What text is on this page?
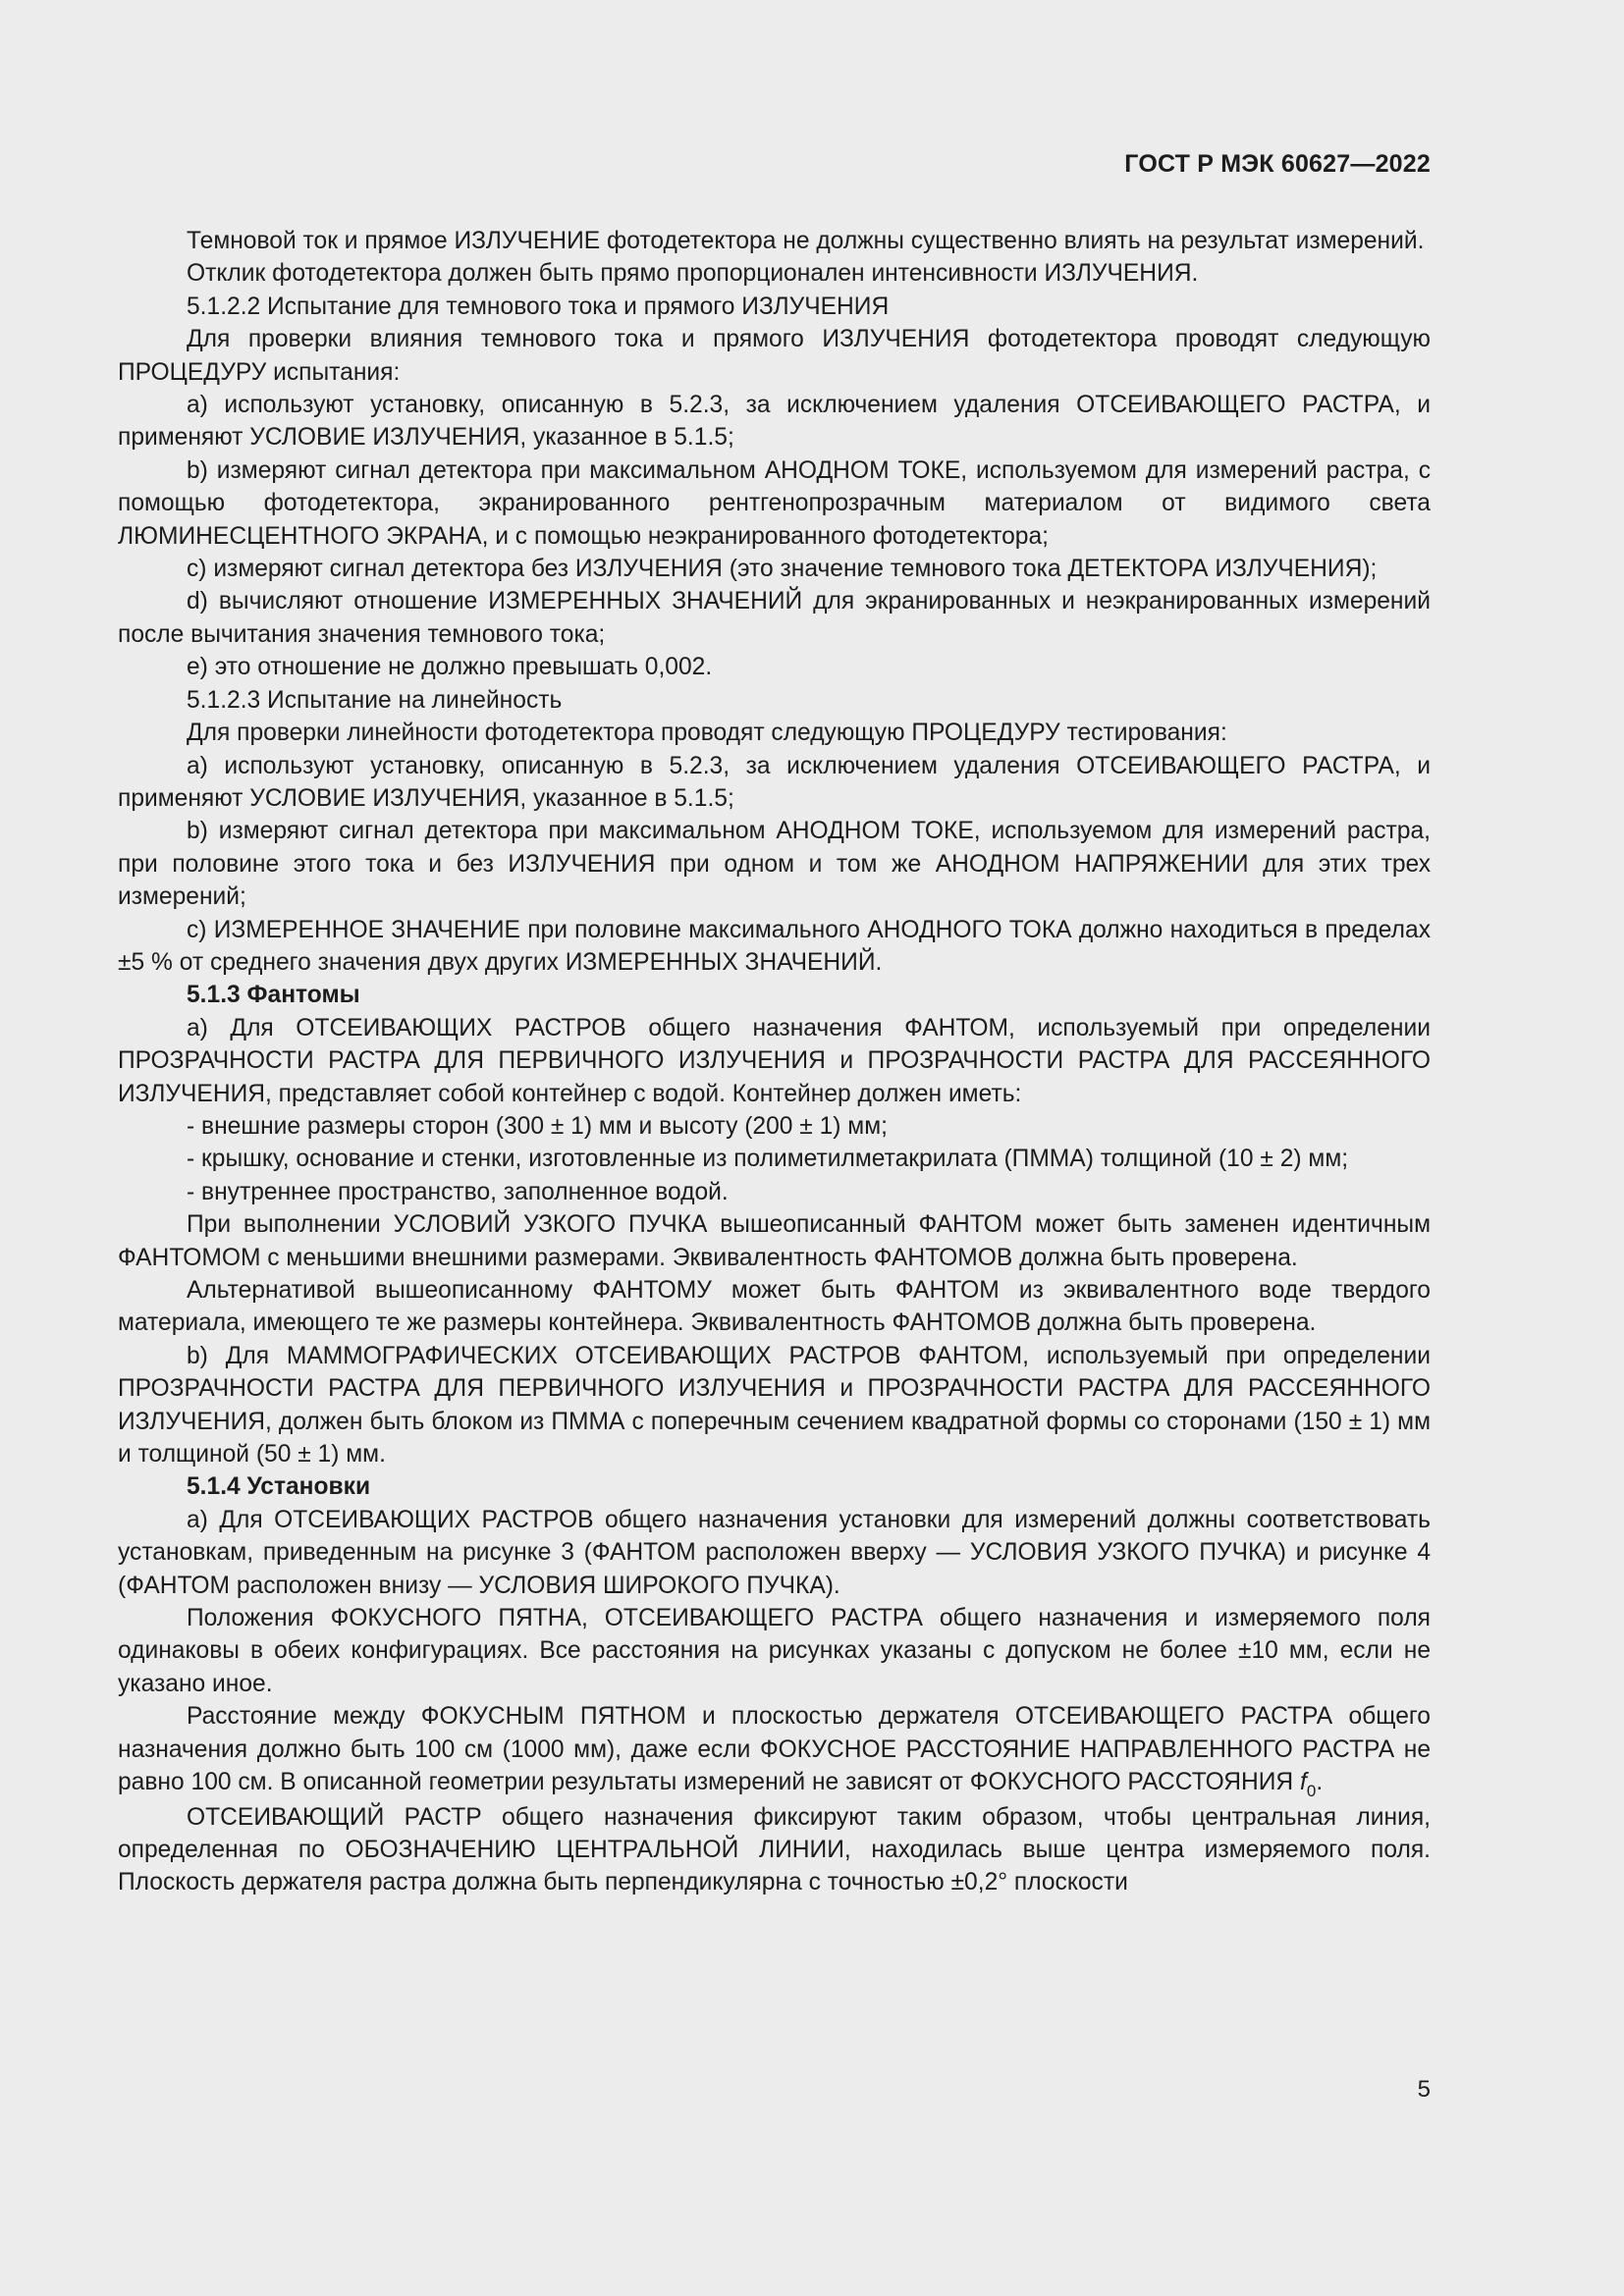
ГОСТ Р МЭК 60627—2022

Темновой ток и прямое ИЗЛУЧЕНИЕ фотодетектора не должны существенно влиять на результат измерений.

Отклик фотодетектора должен быть прямо пропорционален интенсивности ИЗЛУЧЕНИЯ.

5.1.2.2 Испытание для темнового тока и прямого ИЗЛУЧЕНИЯ

Для проверки влияния темнового тока и прямого ИЗЛУЧЕНИЯ фотодетектора проводят следующую ПРОЦЕДУРУ испытания:

a) используют установку, описанную в 5.2.3, за исключением удаления ОТСЕИВАЮЩЕГО РАСТРА, и применяют УСЛОВИЕ ИЗЛУЧЕНИЯ, указанное в 5.1.5;

b) измеряют сигнал детектора при максимальном АНОДНОМ ТОКЕ, используемом для измерений растра, с помощью фотодетектора, экранированного рентгенопрозрачным материалом от видимого света ЛЮМИНЕСЦЕНТНОГО ЭКРАНА, и с помощью неэкранированного фотодетектора;

c) измеряют сигнал детектора без ИЗЛУЧЕНИЯ (это значение темнового тока ДЕТЕКТОРА ИЗЛУЧЕНИЯ);

d) вычисляют отношение ИЗМЕРЕННЫХ ЗНАЧЕНИЙ для экранированных и неэкранированных измерений после вычитания значения темнового тока;

e) это отношение не должно превышать 0,002.

5.1.2.3 Испытание на линейность

Для проверки линейности фотодетектора проводят следующую ПРОЦЕДУРУ тестирования:

a) используют установку, описанную в 5.2.3, за исключением удаления ОТСЕИВАЮЩЕГО РАСТРА, и применяют УСЛОВИЕ ИЗЛУЧЕНИЯ, указанное в 5.1.5;

b) измеряют сигнал детектора при максимальном АНОДНОМ ТОКЕ, используемом для измерений растра, при половине этого тока и без ИЗЛУЧЕНИЯ при одном и том же АНОДНОМ НАПРЯЖЕНИИ для этих трех измерений;

c) ИЗМЕРЕННОЕ ЗНАЧЕНИЕ при половине максимального АНОДНОГО ТОКА должно находиться в пределах ±5 % от среднего значения двух других ИЗМЕРЕННЫХ ЗНАЧЕНИЙ.

5.1.3 Фантомы

a) Для ОТСЕИВАЮЩИХ РАСТРОВ общего назначения ФАНТОМ, используемый при определении ПРОЗРАЧНОСТИ РАСТРА ДЛЯ ПЕРВИЧНОГО ИЗЛУЧЕНИЯ и ПРОЗРАЧНОСТИ РАСТРА ДЛЯ РАССЕЯННОГО ИЗЛУЧЕНИЯ, представляет собой контейнер с водой. Контейнер должен иметь:

- внешние размеры сторон (300 ± 1) мм и высоту (200 ± 1) мм;

- крышку, основание и стенки, изготовленные из полиметилметакрилата (ПММА) толщиной (10 ± 2) мм;

- внутреннее пространство, заполненное водой.

При выполнении УСЛОВИЙ УЗКОГО ПУЧКА вышеописанный ФАНТОМ может быть заменен идентичным ФАНТОМОМ с меньшими внешними размерами. Эквивалентность ФАНТОМОВ должна быть проверена.

Альтернативой вышеописанному ФАНТОМУ может быть ФАНТОМ из эквивалентного воде твердого материала, имеющего те же размеры контейнера. Эквивалентность ФАНТОМОВ должна быть проверена.

b) Для МАММОГРАФИЧЕСКИХ ОТСЕИВАЮЩИХ РАСТРОВ ФАНТОМ, используемый при определении ПРОЗРАЧНОСТИ РАСТРА ДЛЯ ПЕРВИЧНОГО ИЗЛУЧЕНИЯ и ПРОЗРАЧНОСТИ РАСТРА ДЛЯ РАССЕЯННОГО ИЗЛУЧЕНИЯ, должен быть блоком из ПММА с поперечным сечением квадратной формы со сторонами (150 ± 1) мм и толщиной (50 ± 1) мм.

5.1.4 Установки

a) Для ОТСЕИВАЮЩИХ РАСТРОВ общего назначения установки для измерений должны соответствовать установкам, приведенным на рисунке 3 (ФАНТОМ расположен вверху — УСЛОВИЯ УЗКОГО ПУЧКА) и рисунке 4 (ФАНТОМ расположен внизу — УСЛОВИЯ ШИРОКОГО ПУЧКА).

Положения ФОКУСНОГО ПЯТНА, ОТСЕИВАЮЩЕГО РАСТРА общего назначения и измеряемого поля одинаковы в обеих конфигурациях. Все расстояния на рисунках указаны с допуском не более ±10 мм, если не указано иное.

Расстояние между ФОКУСНЫМ ПЯТНОМ и плоскостью держателя ОТСЕИВАЮЩЕГО РАСТРА общего назначения должно быть 100 см (1000 мм), даже если ФОКУСНОЕ РАССТОЯНИЕ НАПРАВЛЕННОГО РАСТРА не равно 100 см. В описанной геометрии результаты измерений не зависят от ФОКУСНОГО РАССТОЯНИЯ $f_0$.

ОТСЕИВАЮЩИЙ РАСТР общего назначения фиксируют таким образом, чтобы центральная линия, определенная по ОБОЗНАЧЕНИЮ ЦЕНТРАЛЬНОЙ ЛИНИИ, находилась выше центра измеряемого поля. Плоскость держателя растра должна быть перпендикулярна с точностью ±0,2° плоскости

5
